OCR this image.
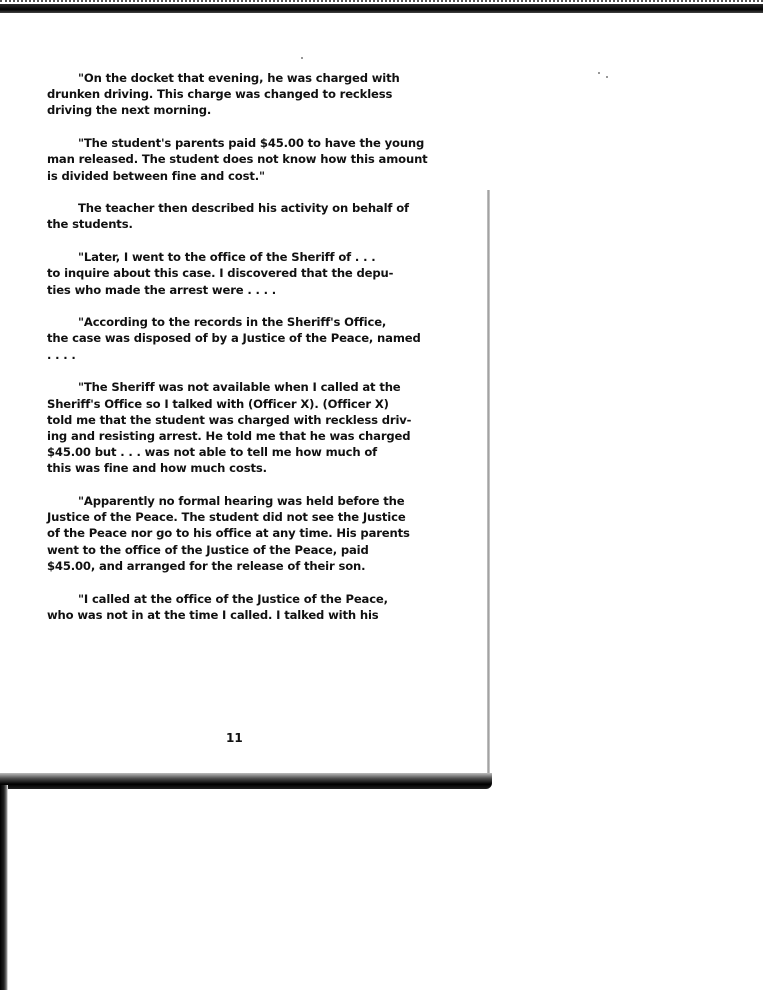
"On the docket that evening, he was charged with
drunken driving. This charge was changed to reckless
driving the next morning.

"The student's parents paid $45.00 to have the young
man released. The student does not know how this amount
is divided between fine and cost."

The teacher then described his activity on behalf of
the students.

"Later, I went to the office of the Sheriff of . . .
to inquire about this case. I discovered that the depu-
ties who made the arrest were . . . .

"According to the records in the Sheriff's Office,
the case was disposed of by a Justice of the Peace, named
. . . .

"The Sheriff was not available when I called at the
Sheriff's Office so I talked with (Officer X). (Officer X)
told me that the student was charged with reckless driv-
ing and resisting arrest. He told me that he was charged
$45.00 but . . . was not able to tell me how much of
this was fine and how much costs.

"Apparently no formal hearing was held before the
Justice of the Peace. The student did not see the Justice
of the Peace nor go to his office at any time. His parents
went to the office of the Justice of the Peace, paid
$45.00, and arranged for the release of their son.

"I called at the office of the Justice of the Peace,
who was not in at the time I called. I talked with his

11
